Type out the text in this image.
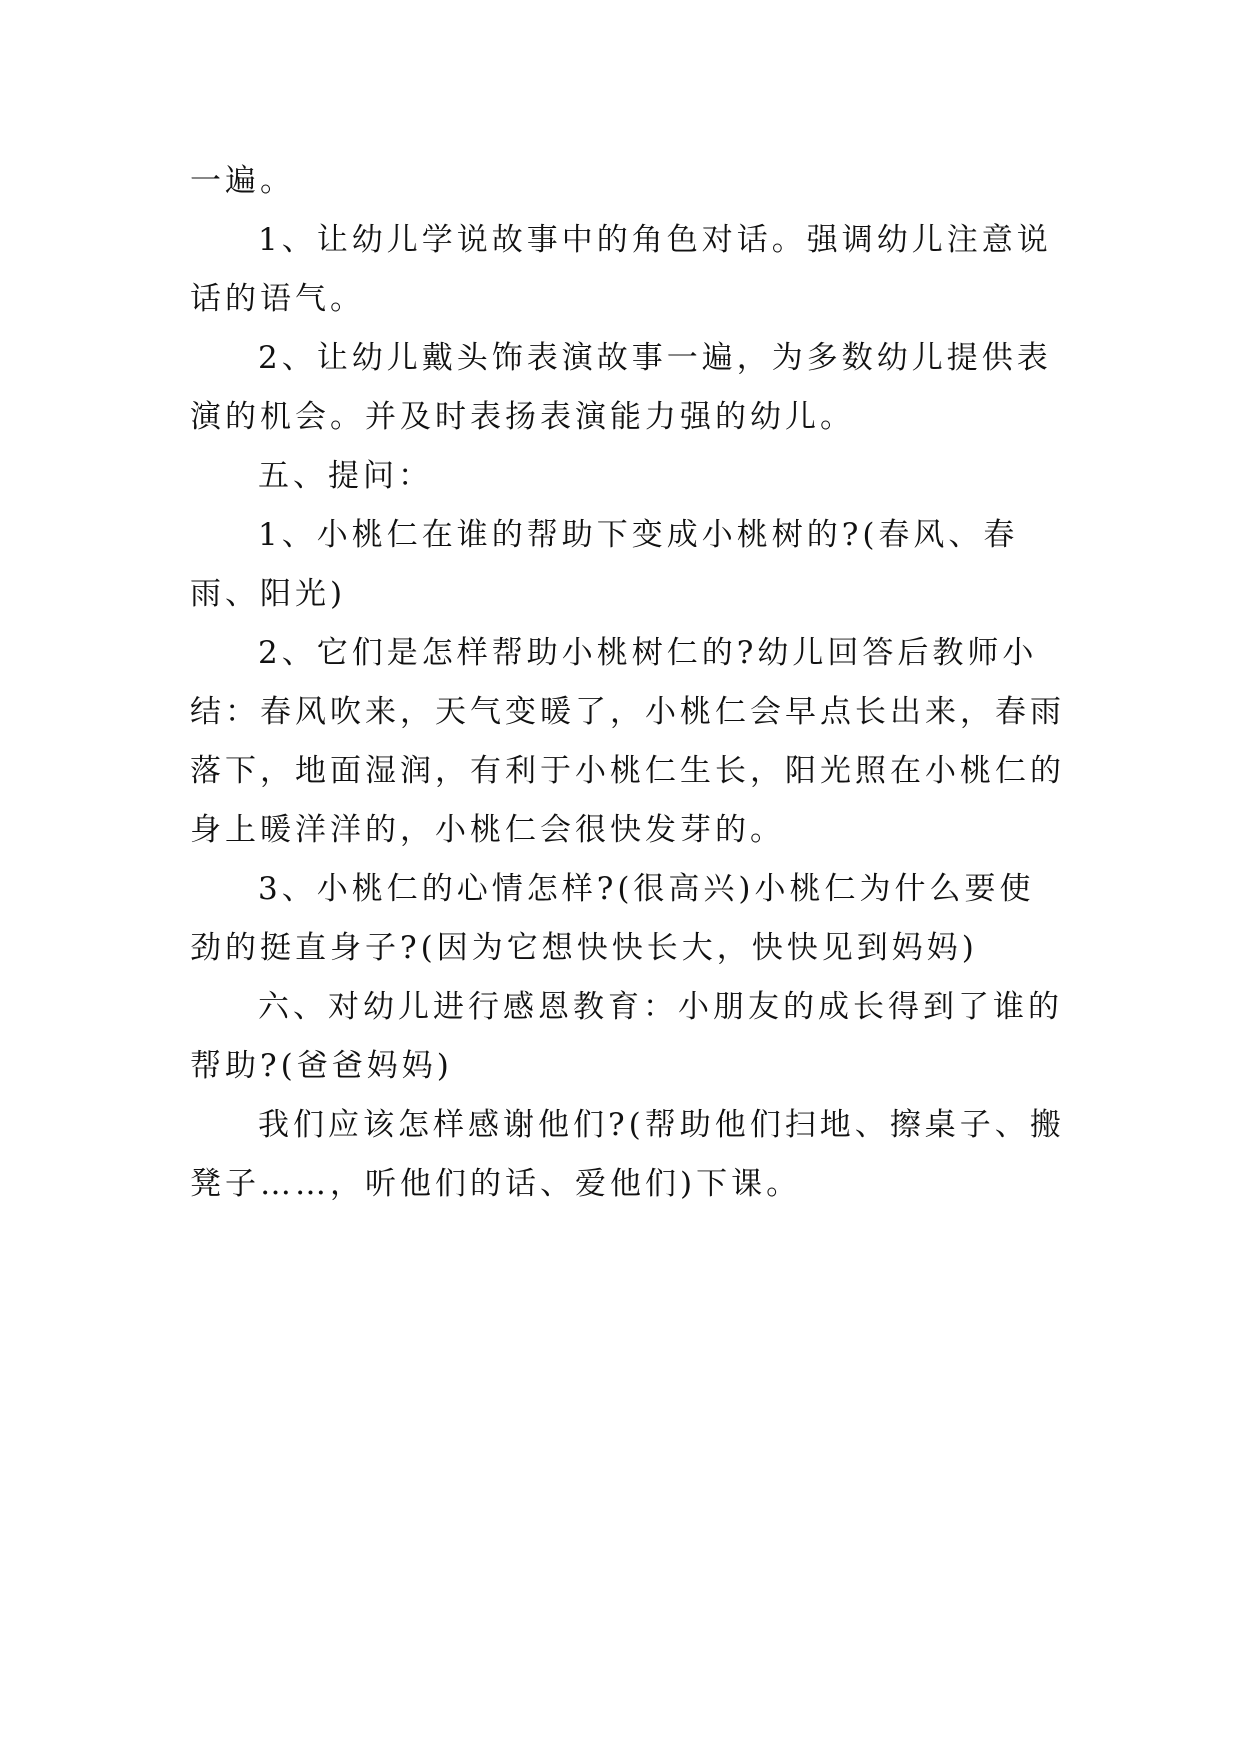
一遍。

1、让幼儿学说故事中的角色对话。强调幼儿注意说话的语气。

2、让幼儿戴头饰表演故事一遍，为多数幼儿提供表演的机会。并及时表扬表演能力强的幼儿。

五、提问：

1、小桃仁在谁的帮助下变成小桃树的?(春风、春雨、阳光)

2、它们是怎样帮助小桃树仁的?幼儿回答后教师小结：春风吹来，天气变暖了，小桃仁会早点长出来，春雨落下，地面湿润，有利于小桃仁生长，阳光照在小桃仁的身上暖洋洋的，小桃仁会很快发芽的。

3、小桃仁的心情怎样?(很高兴)小桃仁为什么要使劲的挺直身子?(因为它想快快长大，快快见到妈妈)

六、对幼儿进行感恩教育：小朋友的成长得到了谁的帮助?(爸爸妈妈)

我们应该怎样感谢他们?(帮助他们扫地、擦桌子、搬凳子……，听他们的话、爱他们)下课。
